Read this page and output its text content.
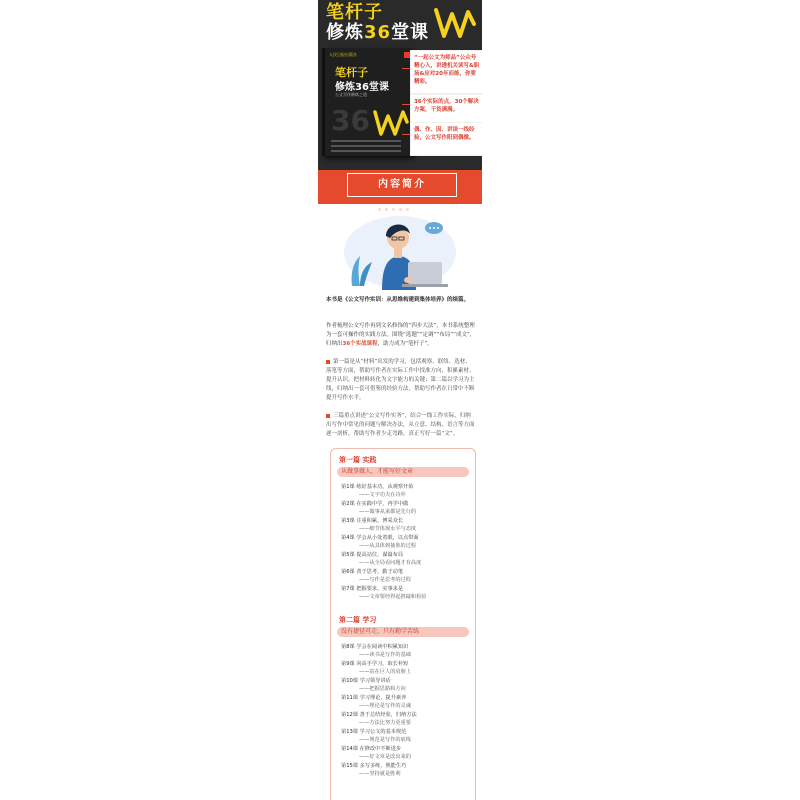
笔杆子
修炼36堂课
人民日报出版社
笔杆子
修炼36堂课
公文写作修炼之道
36
“一起公文为师品”公众号精心入，讲透机关读写&职场&应对20年而练，你要精彩。
36个实际的点，30个解决方案，干货满满。
偶、作、因、讲读一线经验，公文写作阳到偶像。
内容简介
本书是《公文写作实训：从思维构建到集体培养》的续篇。
作者梳理公文写作再到文名修饰的“四步大法”，本书系统整理为一套可操作的实践方法。围绕“选题”“定调”“布局”“成文”，归纳出36个实战课程，助力成为“笔杆子”。
第一篇是从“材料”出发的学习，包括观察、联络、选材、落笔等方面，帮助写作者在实际工作中找准方向、积累素材、提升认识，把材料转化为文字能力的关键；第二篇以学习为主线，归纳出一套可借鉴的经验方法，帮助写作者在日常中不断提升写作水平。
三篇重点讲述“公文写作实务”，结合一线工作实际，归纳出写作中常见的问题与解决办法，从立意、结构、语言等方面逐一剖析，帮助写作者少走弯路，真正写好一篇“文”。
第一篇 实践
从做事做人，才能写好文章
第1课 练好基本功，从观察开始
——文字功夫在诗外
第2课 在实践中学，再学中做
——做事从来都是先行的
第3课 注重积累，博采众长
——细节体现水平与态度
第4课 学会从小处着眼，以点带面
——从具体到抽象的过程
第5课 提高站位，谋篇布局
——从全局看问题才有高度
第6课 善于思考，勤于动笔
——写作是思考的过程
第7课 把握要求，实事求是
——文章要经得起推敲和检验
第二篇 学习
没有捷径可走，只有勤学苦练
第8课 学会在阅读中积累知识
——读书是写作的基础
第9课 向高手学习，取长补短
——站在巨人的肩膀上
第10课 学习领导讲话
——把握思路和方向
第11课 学习理论，提升素养
——理论是写作的灵魂
第12课 善于总结经验，归纳方法
——方法比努力更重要
第13课 学习公文的基本规范
——规范是写作的底线
第14课 在修改中不断进步
——好文章是改出来的
第15课 多写多练，熟能生巧
——坚持就是胜利
